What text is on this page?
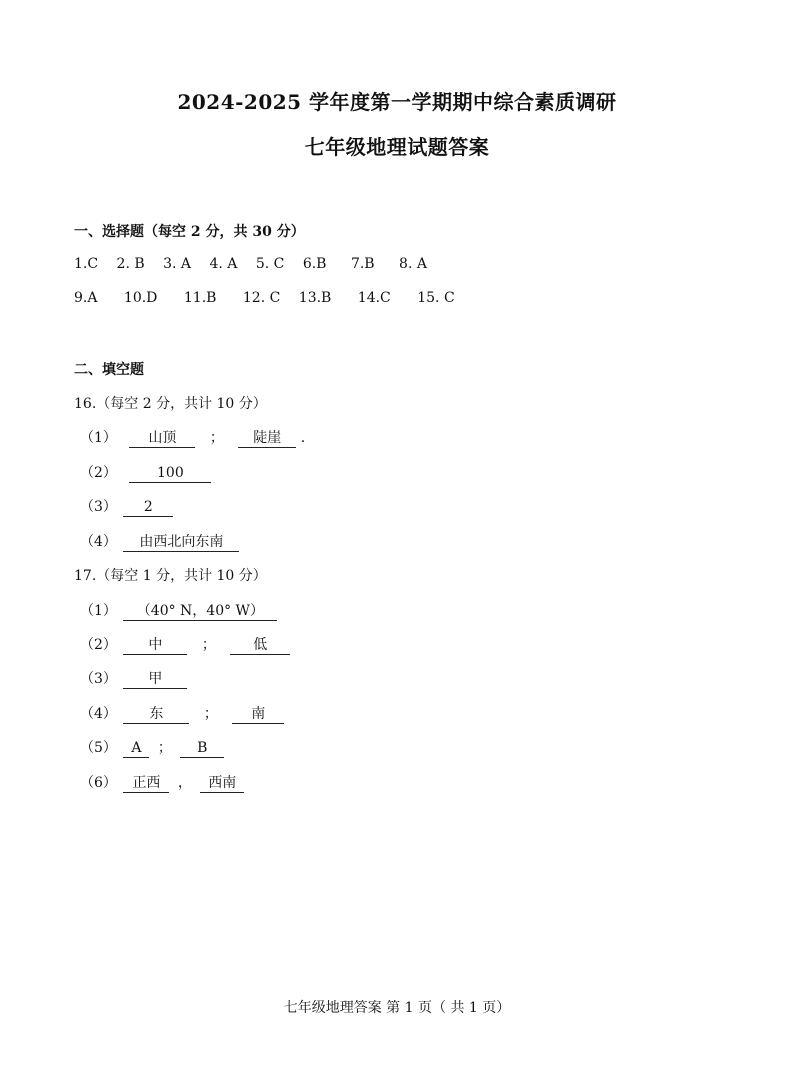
2024-2025 学年度第一学期期中综合素质调研
七年级地理试题答案
一、选择题（每空 2 分，共 30 分）
1.C 2. B 3. A 4. A 5. C 6.B 7.B 8. A
9.A 10.D 11.B 12. C 13.B 14.C 15. C
二、填空题
16.（每空 2 分，共计 10 分）
（1） 山顶 ； 陡崖 .
（2）	100
（3） 2
（4） 由西北向东南
17.（每空 1 分，共计 10 分）
（1） （40° N，40° W）
（2） 中	；	低
（3） 甲
（4） 东	； 南
（5） A ； B
（6） 正西 ， 西南
七年级地理答案 第 1 页（ 共 1 页）
